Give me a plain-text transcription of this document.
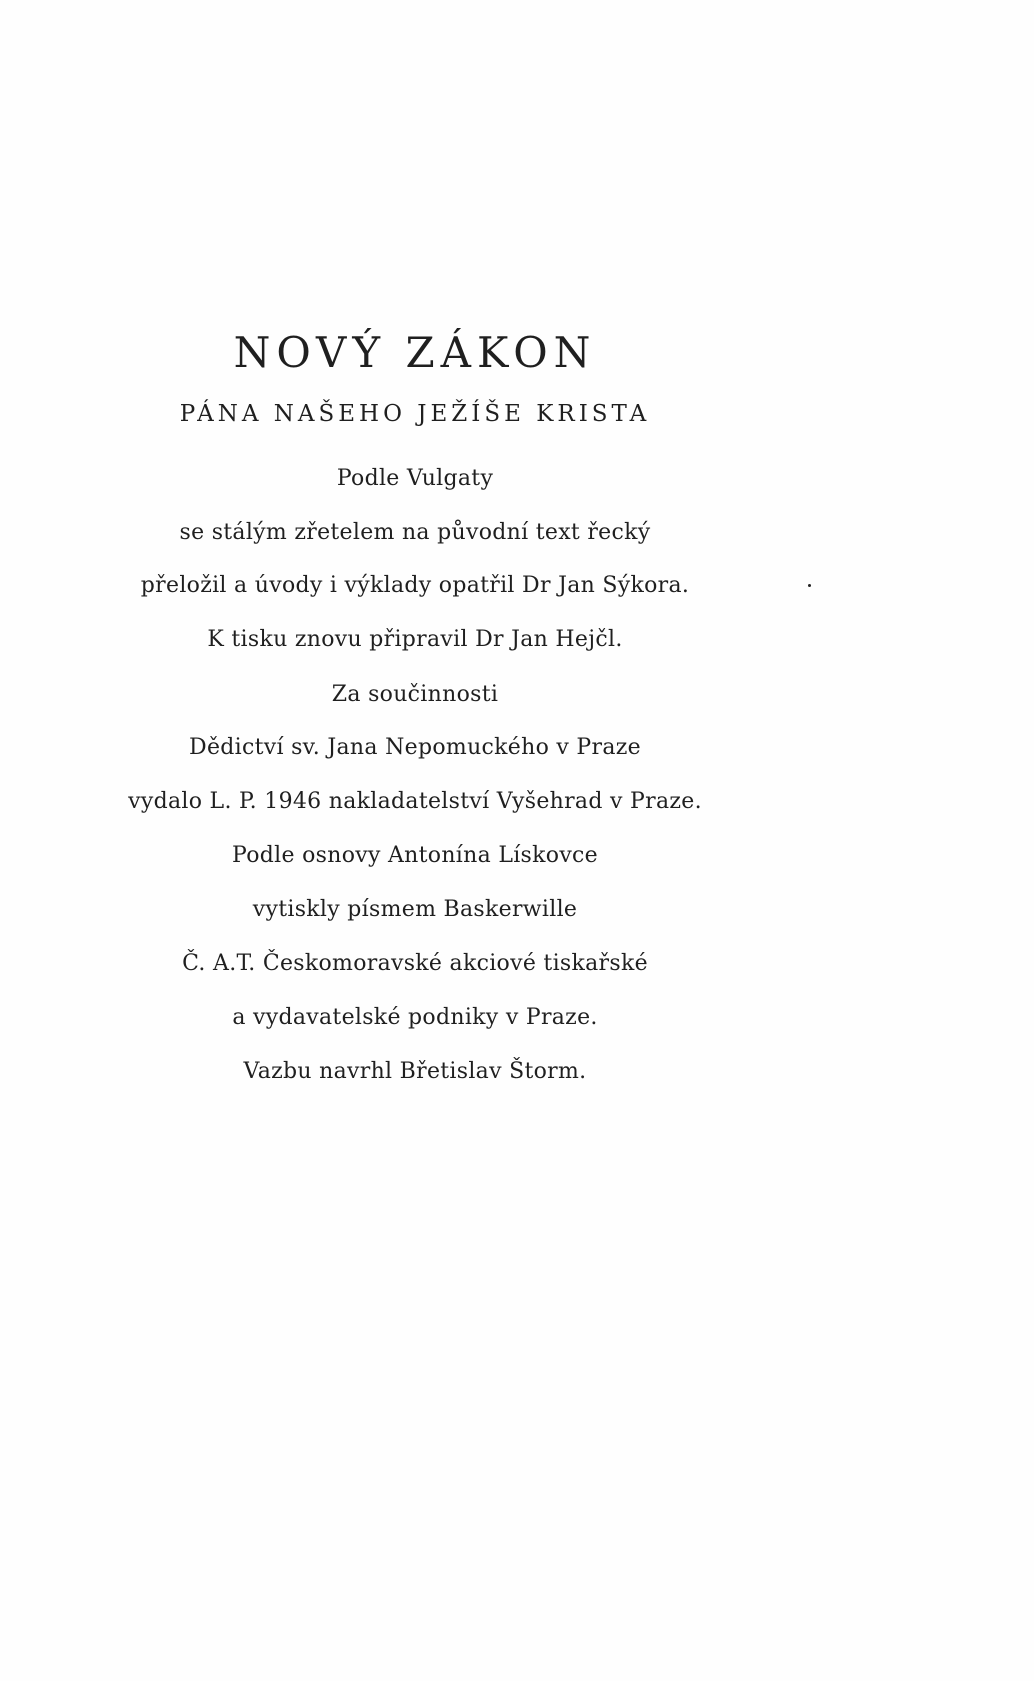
NOVÝ ZÁKON
PÁNA NAŠEHO JEŽÍŠE KRISTA
Podle Vulgaty
se stálým zřetelem na původní text řecký
přeložil a úvody i výklady opatřil Dr Jan Sýkora.
K tisku znovu připravil Dr Jan Hejčl.
Za součinnosti
Dědictví sv. Jana Nepomuckého v Praze
vydalo L. P. 1946 nakladatelství Vyšehrad v Praze.
Podle osnovy Antonína Lískovce
vytiskly písmem Baskerwille
Č. A.T. Českomoravské akciové tiskařské
a vydavatelské podniky v Praze.
Vazbu navrhl Břetislav Štorm.
